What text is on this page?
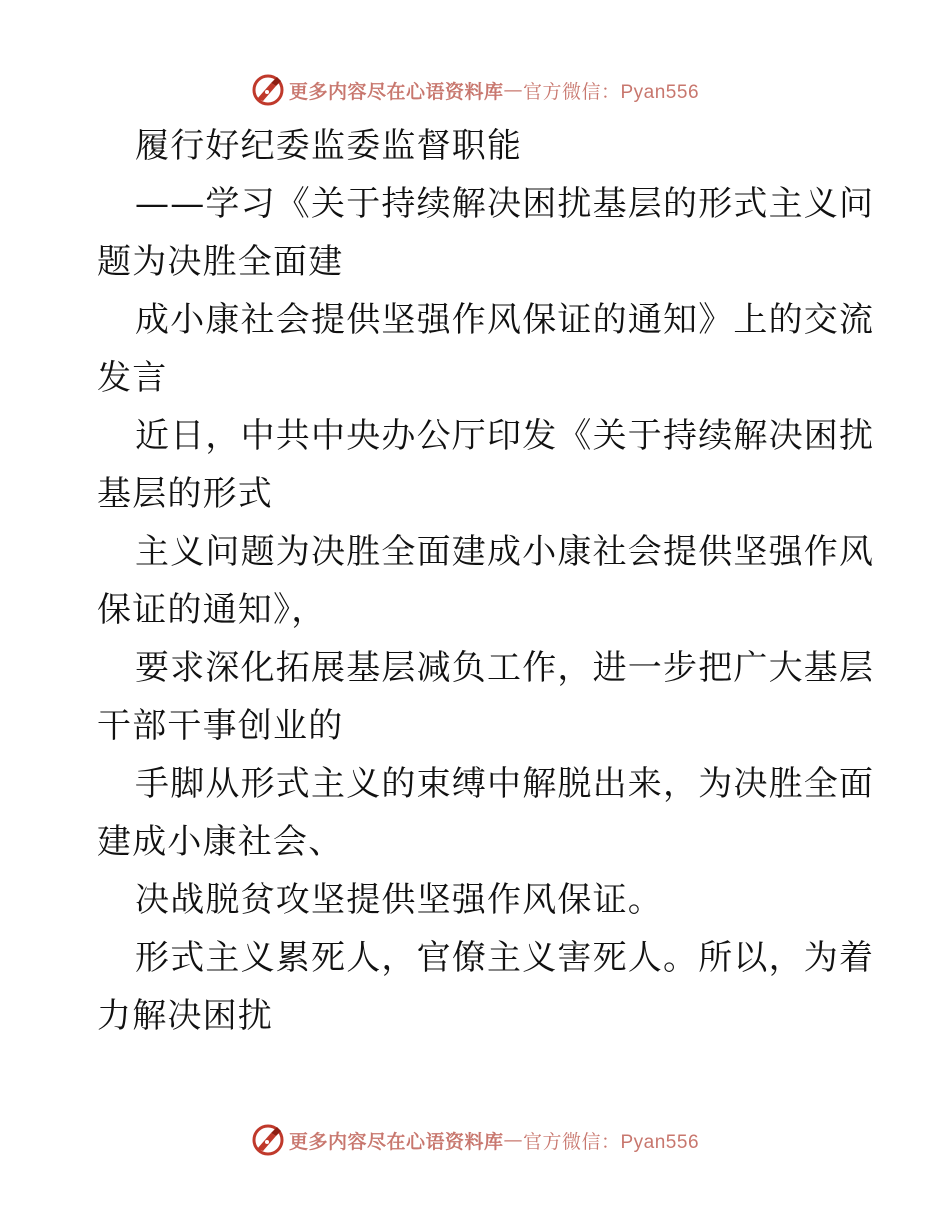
更多内容尽在心语资料库 — 官方微信：Pyan556

履行好纪委监委监督职能

——学习《关于持续解决困扰基层的形式主义问

题为决胜全面建

成小康社会提供坚强作风保证的通知》上的交流

发言

近日，中共中央办公厅印发《关于持续解决困扰

基层的形式

主义问题为决胜全面建成小康社会提供坚强作风

保证的通知》，

要求深化拓展基层减负工作，进一步把广大基层

干部干事创业的

手脚从形式主义的束缚中解脱出来，为决胜全面

建成小康社会、

决战脱贫攻坚提供坚强作风保证。

形式主义累死人，官僚主义害死人。所以，为着

力解决困扰

更多内容尽在心语资料库 — 官方微信：Pyan556
